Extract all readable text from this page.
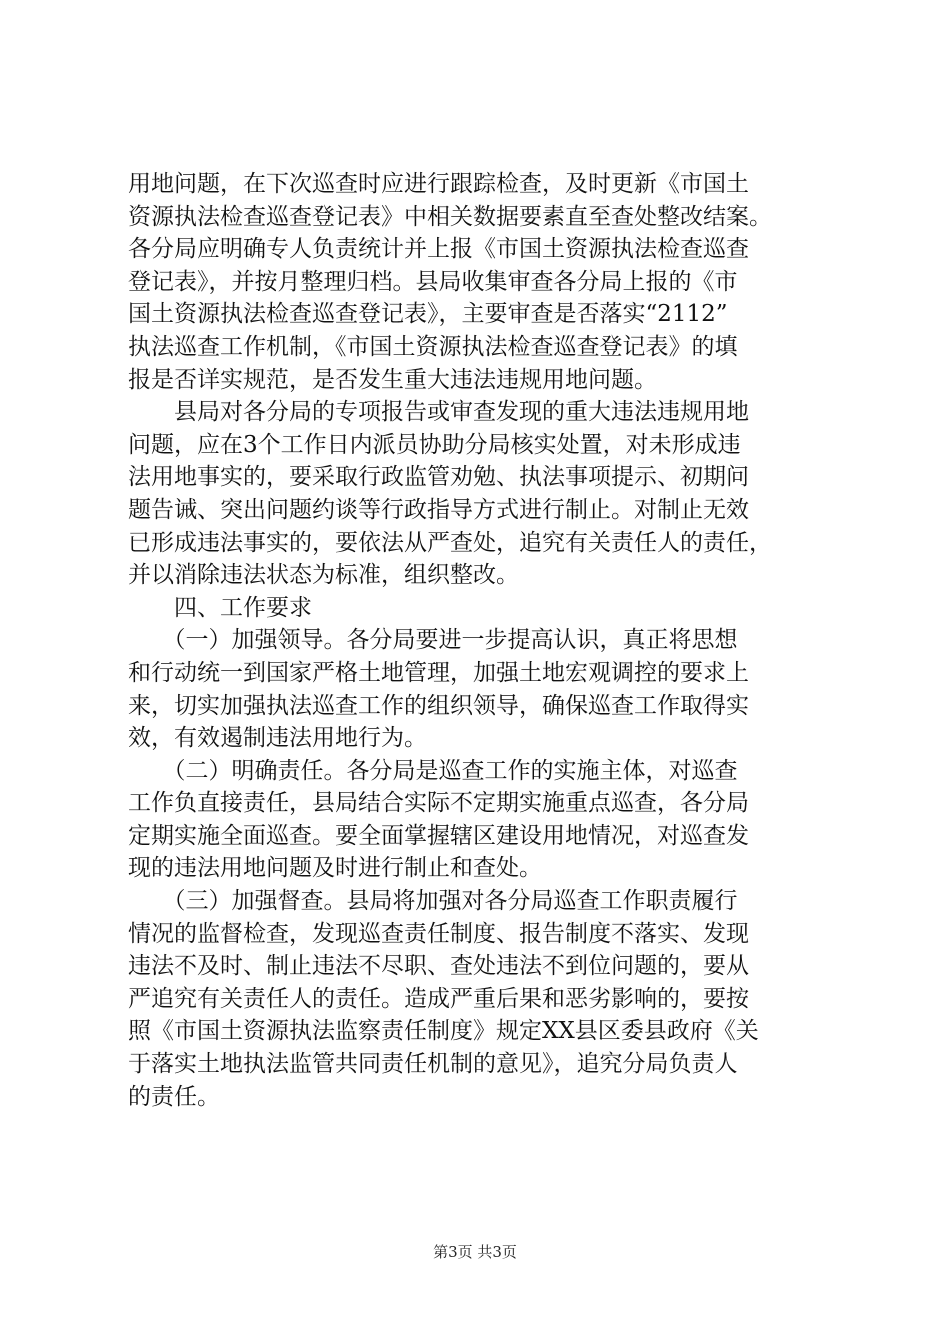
用地问题，在下次巡查时应进行跟踪检查，及时更新《市国土
资源执法检查巡查登记表》中相关数据要素直至查处整改结案。
各分局应明确专人负责统计并上报《市国土资源执法检查巡查
登记表》，并按月整理归档。县局收集审查各分局上报的《市
国土资源执法检查巡查登记表》，主要审查是否落实“2112”
执法巡查工作机制，《市国土资源执法检查巡查登记表》的填
报是否详实规范，是否发生重大违法违规用地问题。
　　县局对各分局的专项报告或审查发现的重大违法违规用地
问题，应在3个工作日内派员协助分局核实处置，对未形成违
法用地事实的，要采取行政监管劝勉、执法事项提示、初期问
题告诫、突出问题约谈等行政指导方式进行制止。对制止无效
已形成违法事实的，要依法从严查处，追究有关责任人的责任，
并以消除违法状态为标准，组织整改。
　　四、工作要求
　　（一）加强领导。各分局要进一步提高认识，真正将思想
和行动统一到国家严格土地管理，加强土地宏观调控的要求上
来，切实加强执法巡查工作的组织领导，确保巡查工作取得实
效，有效遏制违法用地行为。
　　（二）明确责任。各分局是巡查工作的实施主体，对巡查
工作负直接责任，县局结合实际不定期实施重点巡查，各分局
定期实施全面巡查。要全面掌握辖区建设用地情况，对巡查发
现的违法用地问题及时进行制止和查处。
　　（三）加强督查。县局将加强对各分局巡查工作职责履行
情况的监督检查，发现巡查责任制度、报告制度不落实、发现
违法不及时、制止违法不尽职、查处违法不到位问题的，要从
严追究有关责任人的责任。造成严重后果和恶劣影响的，要按
照《市国土资源执法监察责任制度》规定XX县区委县政府《关
于落实土地执法监管共同责任机制的意见》，追究分局负责人
的责任。
第3页 共3页
